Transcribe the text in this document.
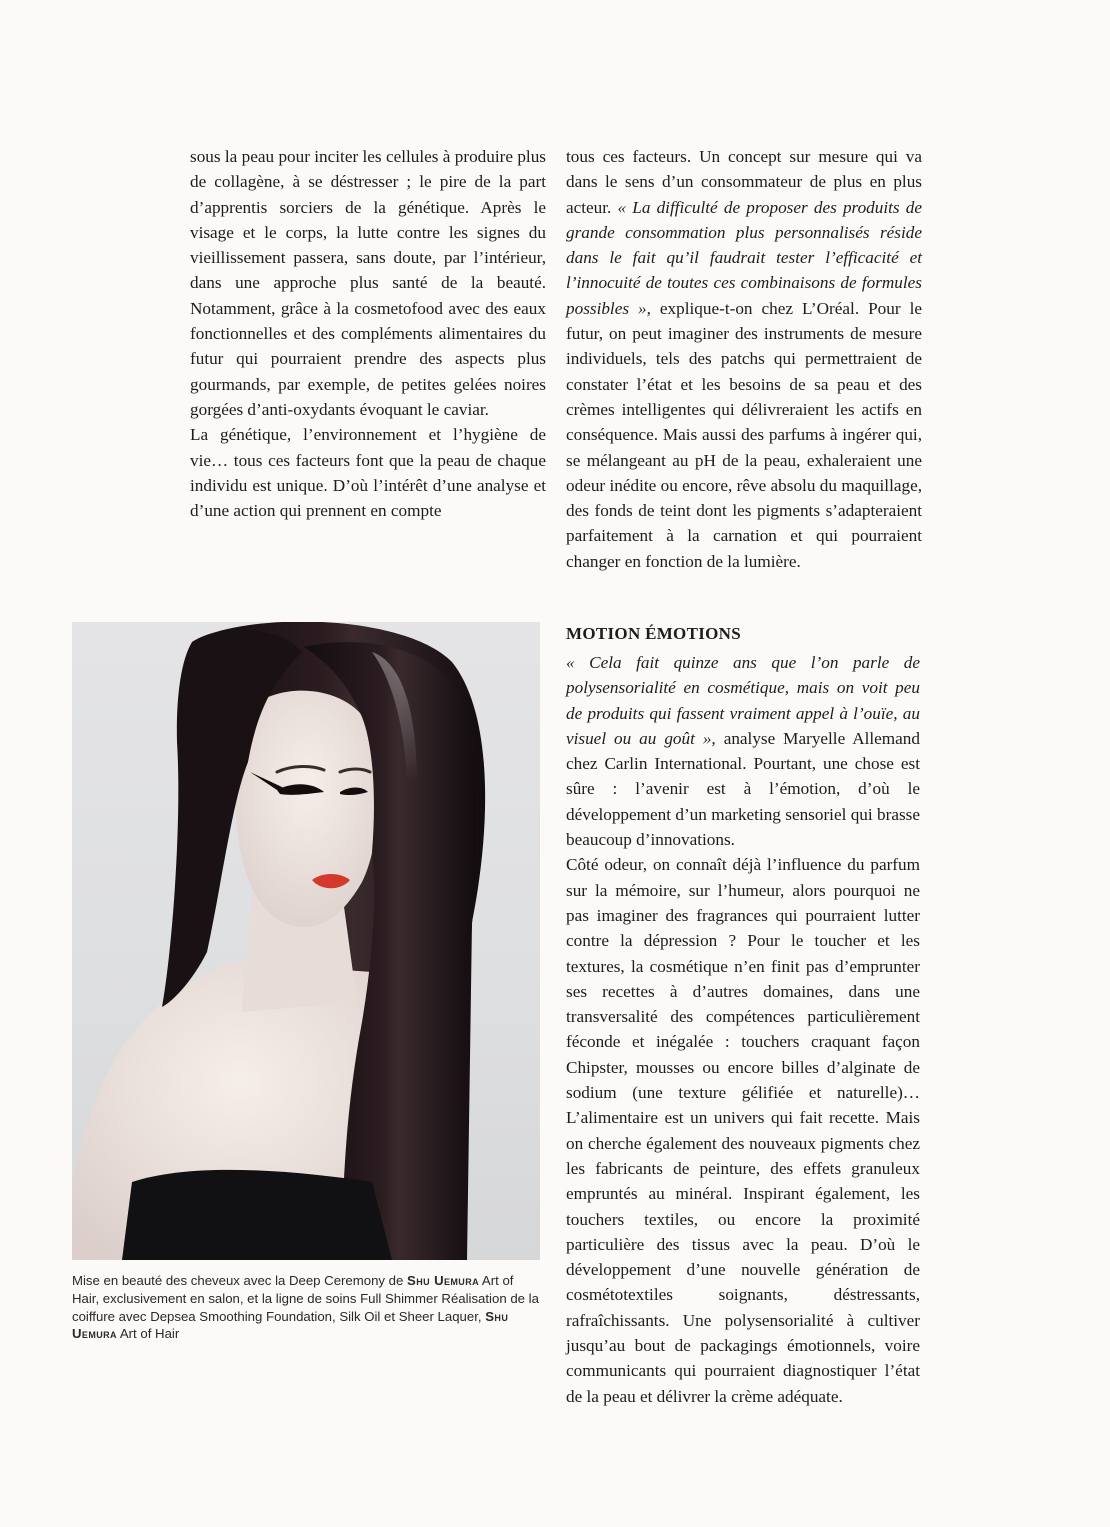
sous la peau pour inciter les cellules à produire plus de collagène, à se déstresser ; le pire de la part d’apprentis sorciers de la génétique. Après le visage et le corps, la lutte contre les signes du vieillissement passera, sans doute, par l’intérieur, dans une approche plus santé de la beauté. Notamment, grâce à la cosmetofood avec des eaux fonctionnelles et des compléments alimentaires du futur qui pourraient prendre des aspects plus gourmands, par exemple, de petites gelées noires gorgées d’anti-oxydants évoquant le caviar.

La génétique, l’environnement et l’hygiène de vie… tous ces facteurs font que la peau de chaque individu est unique. D’où l’intérêt d’une analyse et d’une action qui prennent en compte

tous ces facteurs. Un concept sur mesure qui va dans le sens d’un consommateur de plus en plus acteur. « La difficulté de proposer des produits de grande consommation plus personnalisés réside dans le fait qu’il faudrait tester l’efficacité et l’innocuité de toutes ces combinaisons de formules possibles », explique-t-on chez L’Oréal. Pour le futur, on peut imaginer des instruments de mesure individuels, tels des patchs qui permettraient de constater l’état et les besoins de sa peau et des crèmes intelligentes qui délivreraient les actifs en conséquence. Mais aussi des parfums à ingérer qui, se mélangeant au pH de la peau, exhaleraient une odeur inédite ou encore, rêve absolu du maquillage, des fonds de teint dont les pigments s’adapteraient parfaitement à la carnation et qui pourraient changer en fonction de la lumière.

MOTION ÉMOTIONS

« Cela fait quinze ans que l’on parle de polysensorialité en cosmétique, mais on voit peu de produits qui fassent vraiment appel à l’ouïe, au visuel ou au goût », analyse Maryelle Allemand chez Carlin International. Pourtant, une chose est sûre : l’avenir est à l’émotion, d’où le développement d’un marketing sensoriel qui brasse beaucoup d’innovations.

Côté odeur, on connaît déjà l’influence du parfum sur la mémoire, sur l’humeur, alors pourquoi ne pas imaginer des fragrances qui pourraient lutter contre la dépression ? Pour le toucher et les textures, la cosmétique n’en finit pas d’emprunter ses recettes à d’autres domaines, dans une transversalité des compétences particulièrement féconde et inégalée : touchers craquant façon Chipster, mousses ou encore billes d’alginate de sodium (une texture gélifiée et naturelle)… L’alimentaire est un univers qui fait recette. Mais on cherche également des nouveaux pigments chez les fabricants de peinture, des effets granuleux empruntés au minéral. Inspirant également, les touchers textiles, ou encore la proximité particulière des tissus avec la peau. D’où le développement d’une nouvelle génération de cosmétotextiles soignants, déstressants, rafraîchissants. Une polysensorialité à cultiver jusqu’au bout de packagings émotionnels, voire communicants qui pourraient diagnostiquer l’état de la peau et délivrer la crème adéquate.

Mise en beauté des cheveux avec la Deep Ceremony de Shu Uemura Art of Hair, exclusivement en salon, et la ligne de soins Full Shimmer Réalisation de la coiffure avec Depsea Smoothing Foundation, Silk Oil et Sheer Laquer, Shu Uemura Art of Hair
